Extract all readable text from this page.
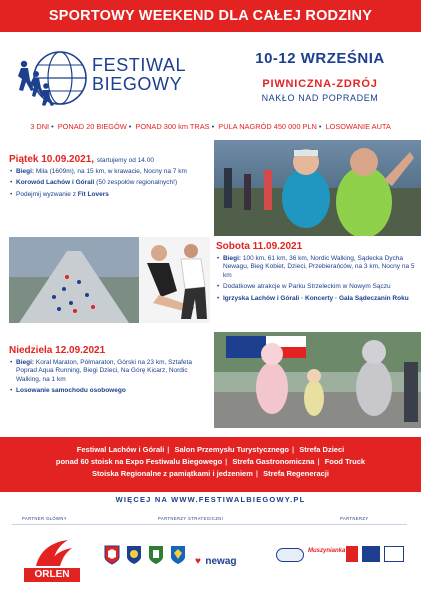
SPORTOWY WEEKEND DLA CAŁEJ RODZINY
FESTIWAL
BIEGOWY
10-12 WRZEŚNIA
PIWNICZNA-ZDRÓJ
NAKŁO NAD POPRADEM
3 DNI • PONAD 20 BIEGÓW • PONAD 300 km TRAS • PULA NAGRÓD 450 000 PLN • LOSOWANIE AUTA
Piątek 10.09.2021, startujemy od 14.00
• Biegi: Mila (1609m), na 15 km, w krawacie, Nocny na 7 km
• Korowód Lachów i Górali (50 zespołów regionalnych!)
• Podejmij wyzwanie z Fit Lovers
Sobota 11.09.2021
• Biegi: 100 km, 61 km, 36 km, Nordic Walking, Sądecka Dycha Newagu, Bieg Kobiet, Dzieci, Przebierańców, na 3 km, Nocny na 5 km
• Dodatkowe atrakcje w Parku Strzeleckim w Nowym Sączu
• Igrzyska Lachów i Górali · Koncerty · Gala Sądeczanin Roku
Niedziela 12.09.2021
• Biegi: Koral Maraton, Półmaraton, Górski na 23 km, Sztafeta Poprad Aqua Running, Biegi Dzieci, Na Górę Kicarz, Nordic Walking, na 1 km
• Losowanie samochodu osobowego
Festiwal Lachów i Górali | Salon Przemysłu Turystycznego | Strefa Dzieci
ponad 60 stoisk na Expo Festiwalu Biegowego | Strefa Gastronomiczna | Food Truck
Stoiska Regionalne z pamiątkami i jedzeniem | Strefa Regeneracji
WIĘCEJ NA WWW.FESTIWALBIEGOWY.PL
PARTNER GŁÓWNY	PARTNERZY STRATEGICZNI	PARTNERZY
ORLEN
♥ newag
Muszynianka
